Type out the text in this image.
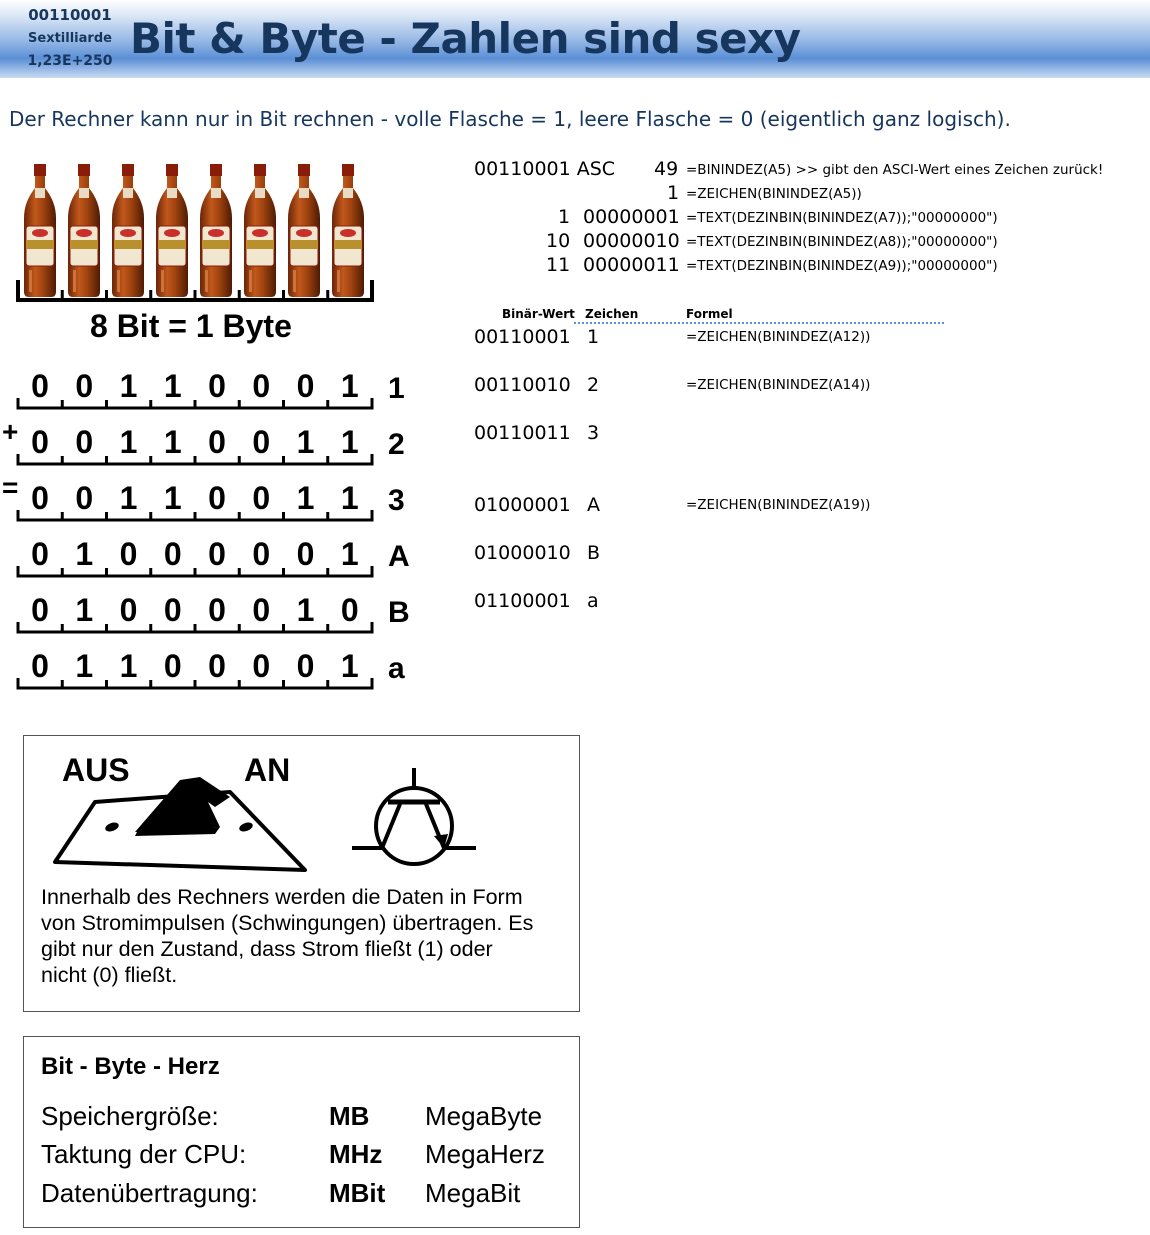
00110001
Sextilliarde
1,23E+250 Bit & Byte - Zahlen sind sexy
Der Rechner kann nur in Bit rechnen - volle Flasche = 1, leere Flasche = 0 (eigentlich ganz logisch).
8 Bit = 1 Byte
0 0 1 1 0 0 0 1 1
+ 0 0 1 1 0 0 1 1 2
= 0 0 1 1 0 0 1 1 3
0 1 0 0 0 0 0 1 A
0 1 0 0 0 0 1 0 B
0 1 1 0 0 0 0 1 a
00110001 ASC 49 =BININDEZ(A5) >> gibt den ASCI-Wert eines Zeichen zurück!
1 =ZEICHEN(BININDEZ(A5))
1 00000001 =TEXT(DEZINBIN(BININDEZ(A7));"00000000")
10 00000010 =TEXT(DEZINBIN(BININDEZ(A8));"00000000")
11 00000011 =TEXT(DEZINBIN(BININDEZ(A9));"00000000")
Binär-Wert Zeichen	Formel
00110001 1	=ZEICHEN(BININDEZ(A12))
00110010 2	=ZEICHEN(BININDEZ(A14))
00110011 3
01000001 A	=ZEICHEN(BININDEZ(A19))
01000010 B
01100001 a
AUS	AN
Innerhalb des Rechners werden die Daten in Form von Stromimpulsen (Schwingungen) übertragen. Es gibt nur den Zustand, dass Strom fließt (1) oder nicht (0) fließt.
Bit - Byte - Herz
Speichergröße:	MB MegaByte
Taktung der CPU:	MHz MegaHerz
Datenübertragung:	MBit MegaBit
